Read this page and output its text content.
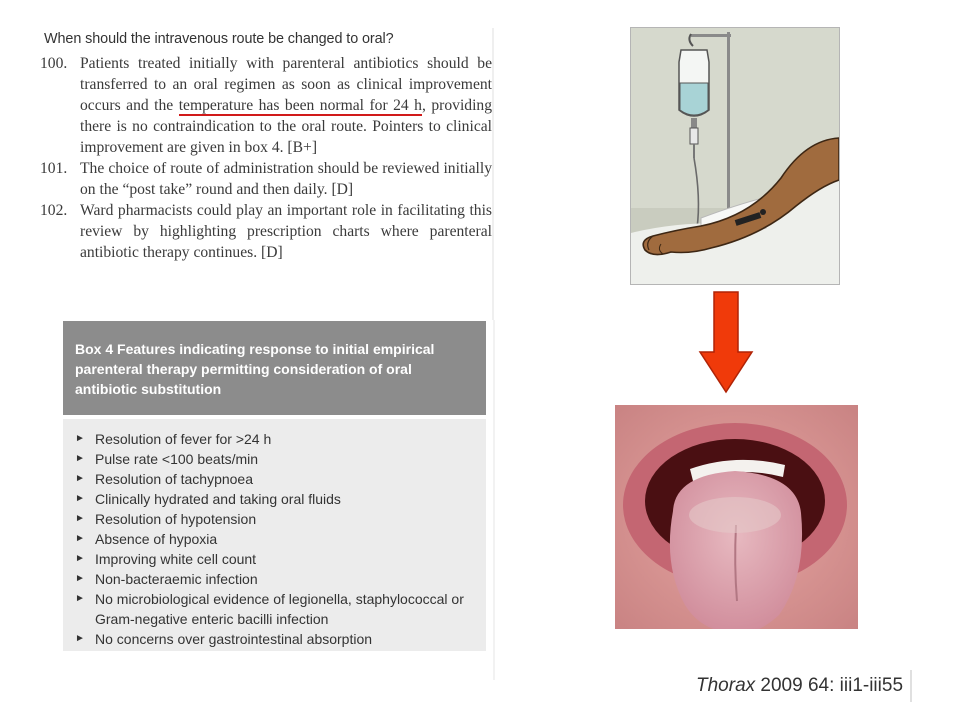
When should the intravenous route be changed to oral?
100. Patients treated initially with parenteral antibiotics should be transferred to an oral regimen as soon as clinical improvement occurs and the temperature has been normal for 24 h, providing there is no contraindication to the oral route. Pointers to clinical improvement are given in box 4. [B+]
101. The choice of route of administration should be reviewed initially on the “post take” round and then daily. [D]
102. Ward pharmacists could play an important role in facilitating this review by highlighting prescription charts where parenteral antibiotic therapy continues. [D]
Box 4 Features indicating response to initial empirical parenteral therapy permitting consideration of oral antibiotic substitution
► Resolution of fever for >24 h
► Pulse rate <100 beats/min
► Resolution of tachypnoea
► Clinically hydrated and taking oral fluids
► Resolution of hypotension
► Absence of hypoxia
► Improving white cell count
► Non-bacteraemic infection
► No microbiological evidence of legionella, staphylococcal or Gram-negative enteric bacilli infection
► No concerns over gastrointestinal absorption
Thorax 2009 64: iii1-iii55
